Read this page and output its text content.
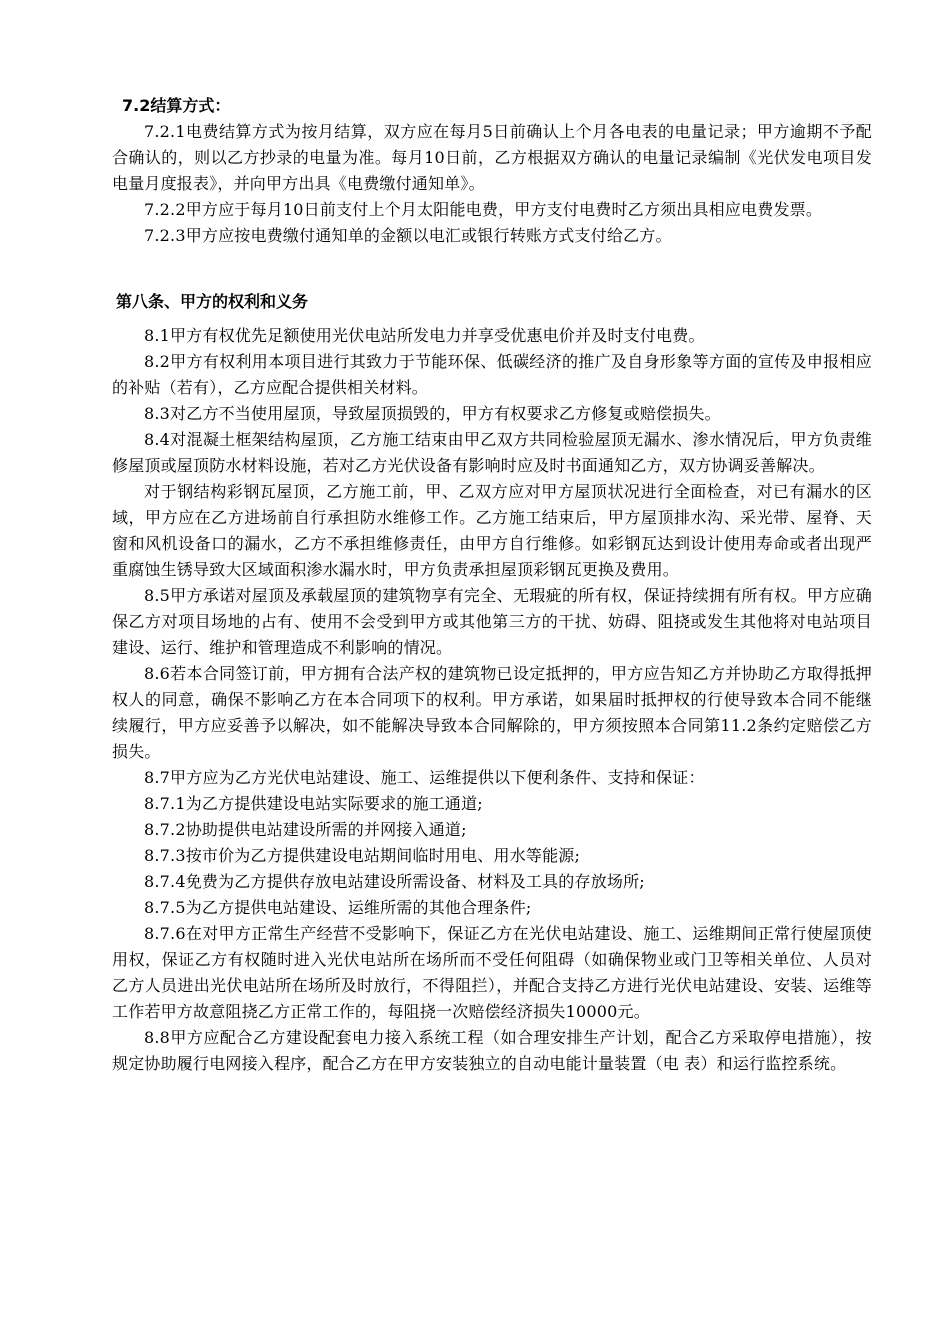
7.2结算方式：

7.2.1电费结算方式为按月结算，双方应在每月5日前确认上个月各电表的电量记录；甲方逾期不予配合确认的，则以乙方抄录的电量为准。每月10日前，乙方根据双方确认的电量记录编制《光伏发电项目发电量月度报表》，并向甲方出具《电费缴付通知单》。

7.2.2甲方应于每月10日前支付上个月太阳能电费，甲方支付电费时乙方须出具相应电费发票。

7.2.3甲方应按电费缴付通知单的金额以电汇或银行转账方式支付给乙方。

第八条、甲方的权利和义务

8.1甲方有权优先足额使用光伏电站所发电力并享受优惠电价并及时支付电费。

8.2甲方有权利用本项目进行其致力于节能环保、低碳经济的推广及自身形象等方面的宣传及申报相应的补贴（若有），乙方应配合提供相关材料。

8.3对乙方不当使用屋顶，导致屋顶损毁的，甲方有权要求乙方修复或赔偿损失。

8.4对混凝土框架结构屋顶，乙方施工结束由甲乙双方共同检验屋顶无漏水、渗水情况后，甲方负责维修屋顶或屋顶防水材料设施，若对乙方光伏设备有影响时应及时书面通知乙方，双方协调妥善解决。

对于钢结构彩钢瓦屋顶，乙方施工前，甲、乙双方应对甲方屋顶状况进行全面检查，对已有漏水的区域，甲方应在乙方进场前自行承担防水维修工作。乙方施工结束后，甲方屋顶排水沟、采光带、屋脊、天窗和风机设备口的漏水，乙方不承担维修责任，由甲方自行维修。如彩钢瓦达到设计使用寿命或者出现严重腐蚀生锈导致大区域面积渗水漏水时，甲方负责承担屋顶彩钢瓦更换及费用。

8.5甲方承诺对屋顶及承载屋顶的建筑物享有完全、无瑕疵的所有权，保证持续拥有所有权。甲方应确保乙方对项目场地的占有、使用不会受到甲方或其他第三方的干扰、妨碍、阻挠或发生其他将对电站项目建设、运行、维护和管理造成不利影响的情况。

8.6若本合同签订前，甲方拥有合法产权的建筑物已设定抵押的，甲方应告知乙方并协助乙方取得抵押权人的同意，确保不影响乙方在本合同项下的权利。甲方承诺，如果届时抵押权的行使导致本合同不能继续履行，甲方应妥善予以解决，如不能解决导致本合同解除的，甲方须按照本合同第11.2条约定赔偿乙方损失。

8.7甲方应为乙方光伏电站建设、施工、运维提供以下便利条件、支持和保证：

8.7.1为乙方提供建设电站实际要求的施工通道;

8.7.2协助提供电站建设所需的并网接入通道;

8.7.3按市价为乙方提供建设电站期间临时用电、用水等能源;

8.7.4免费为乙方提供存放电站建设所需设备、材料及工具的存放场所;

8.7.5为乙方提供电站建设、运维所需的其他合理条件;

8.7.6在对甲方正常生产经营不受影响下，保证乙方在光伏电站建设、施工、运维期间正常行使屋顶使用权，保证乙方有权随时进入光伏电站所在场所而不受任何阻碍（如确保物业或门卫等相关单位、人员对乙方人员进出光伏电站所在场所及时放行，不得阻拦），并配合支持乙方进行光伏电站建设、安装、运维等工作若甲方故意阻挠乙方正常工作的，每阻挠一次赔偿经济损失10000元。

8.8甲方应配合乙方建设配套电力接入系统工程（如合理安排生产计划，配合乙方采取停电措施），按规定协助履行电网接入程序，配合乙方在甲方安装独立的自动电能计量装置（电 表）和运行监控系统。
